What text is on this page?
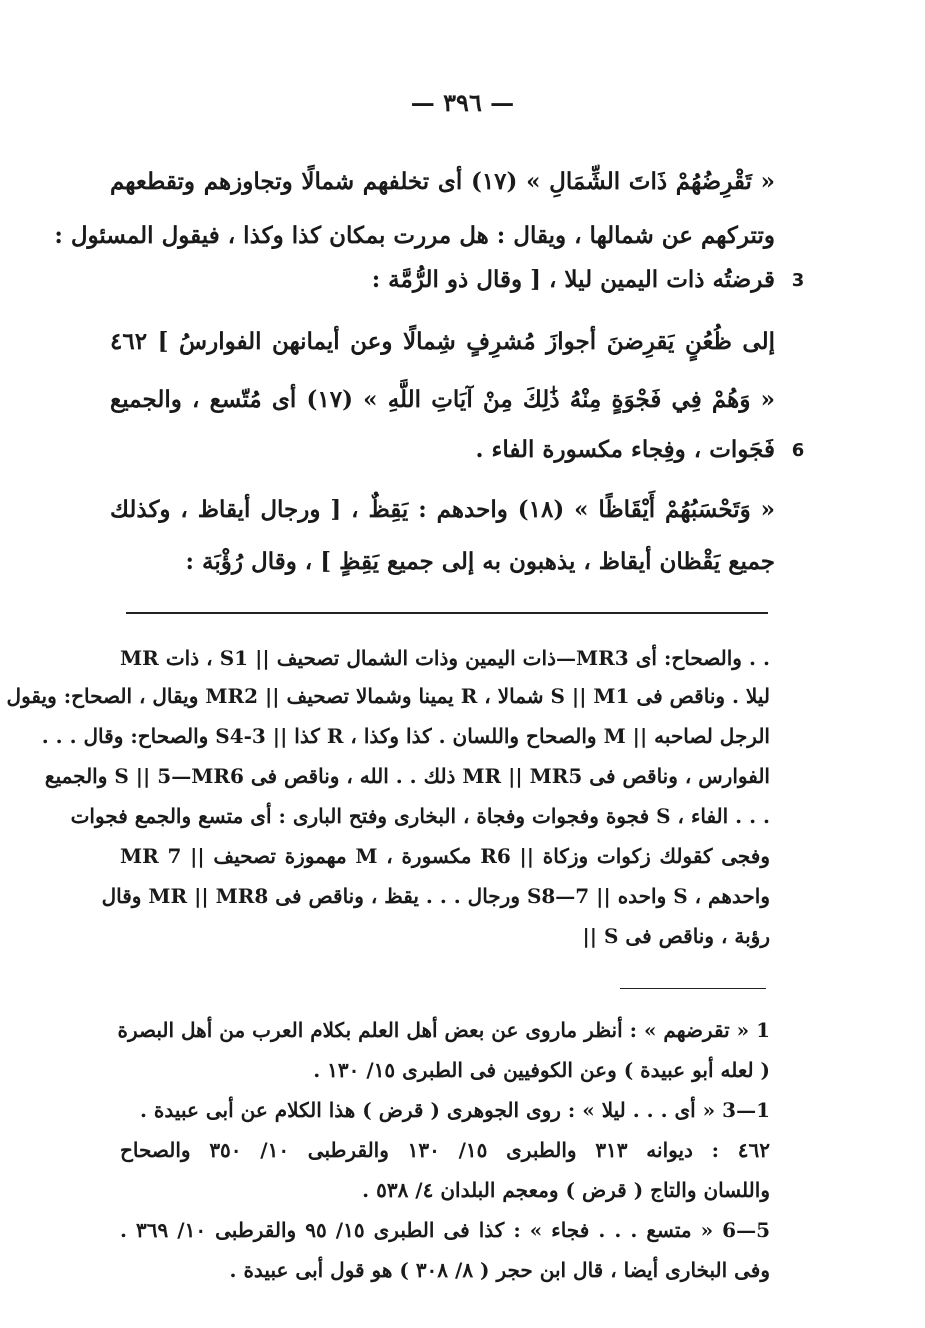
— ٣٩٦ —
« تَقْرِضُهُمْ ذَاتَ الشِّمَالِ » (١٧) أى تخلفهم شمالًا وتجاوزهم وتقطعهم
وتتركهم عن شمالها ، ويقال : هل مررت بمكان كذا وكذا ، فيقول المسئول :
قرضتُه ذات اليمين ليلا ، [ وقال ذو الرُّمَّة : 3
إلى ظُعُنٍ يَقرِضنَ أجوازَ مُشرِفٍ شِمالًا وعن أيمانهن الفوارسُ ] ٤٦٢
« وَهُمْ فِي فَجْوَةٍ مِنْهُ ذَٰلِكَ مِنْ آيَاتِ اللَّهِ » (١٧) أى مُتّسع ، والجميع
فَجَوات ، وفِجاء مكسورة الفاء . 6
« وَتَحْسَبُهُمْ أَيْقَاظًا » (١٨) واحدهم : يَقِظٌ ، [ ورجال أيقاظ ، وكذلك
جميع يَقْظان أيقاظ ، يذهبون به إلى جميع يَقِظٍ ] ، وقال رُؤْبَة :
MR ذات ، Sذات اليمين وذات الشمال تصحيف || 1—MR3 والصحاح: أى . .
ليلا . وناقص فى S || M1 شمالا ، R يمينا وشمالا تصحيف || MR2 ويقال ، الصحاح: ويقول
الرجل لصاحبه || M والصحاح واللسان . كذا وكذا ، R كذا || S4-3 والصحاح: وقال . . .
الفوارس ، وناقص فى MR || MR5 ذلك . . الله ، وناقص فى S || 5—MR6 والجميع
. . . الفاء ، S فجوة وفجوات وفجاة ، البخارى وفتح البارى : أى متسع والجمع فجوات
وفجى كقولك زكوات وزكاة || R6 مكسورة ، M مهموزة تصحيف || MR 7
واحدهم ، S واحده || 7—S8 ورجال . . . يقظ ، وناقص فى MR || MR8 وقال
رؤبة ، وناقص فى S ||
1 « تقرضهم » : أنظر ماروى عن بعض أهل العلم بكلام العرب من أهل البصرة
( لعله أبو عبيدة ) وعن الكوفيين فى الطبرى ١٥/ ١٣٠ .
1—3 « أى . . . ليلا » : روى الجوهرى ( قرض ) هذا الكلام عن أبى عبيدة .
٤٦٢ : ديوانه ٣١٣ والطبرى ١٥/ ١٣٠ والقرطبى ١٠/ ٣٥٠ والصحاح
واللسان والتاج ( قرض ) ومعجم البلدان ٤/ ٥٣٨ .
5—6 « متسع . . . فجاء » : كذا فى الطبرى ١٥/ ٩٥ والقرطبى ١٠/ ٣٦٩ .
وفى البخارى أيضا ، قال ابن حجر ( ٨/ ٣٠٨ ) هو قول أبى عبيدة .
